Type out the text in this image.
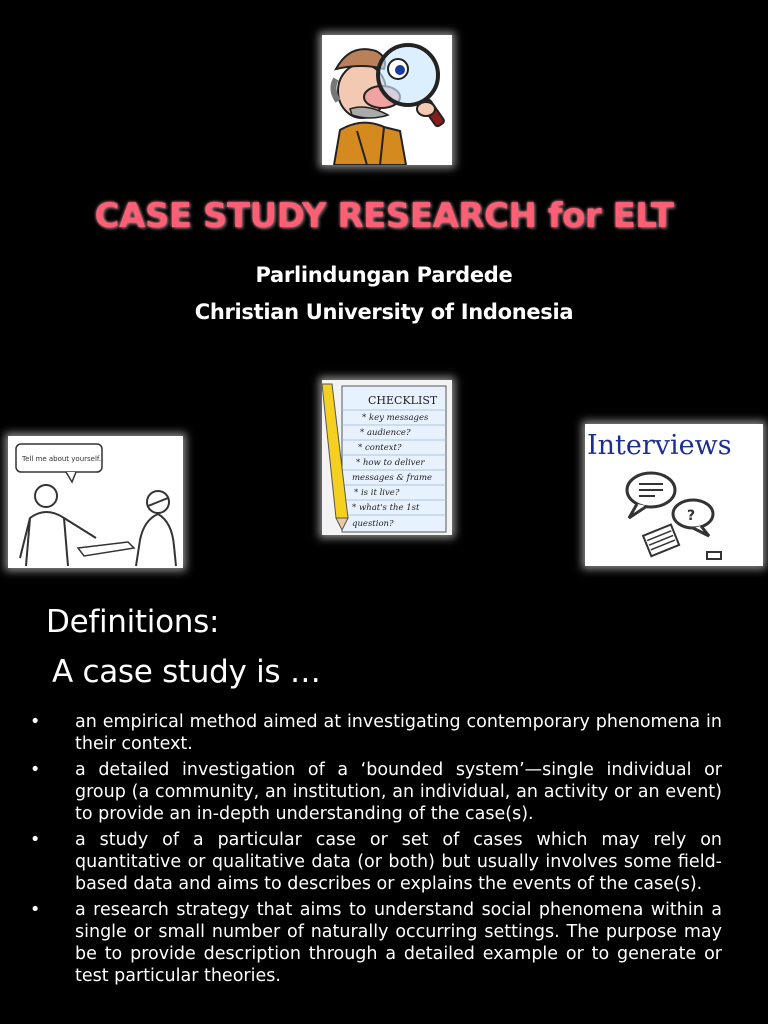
CASE STUDY RESEARCH for ELT
Parlindungan Pardede
Christian University of Indonesia
Tell me about yourself.
CHECKLIST
* key messages
* audience?
* context?
* how to deliver
messages & frame
* is it live?
* what's the 1st
question?
Interviews
?
Definitions:
A case study is …
• an empirical method aimed at investigating contemporary phenomena in their context.
• a detailed investigation of a ‘bounded system’—single individual or group (a community, an institution, an individual, an activity or an event) to provide an in-depth understanding of the case(s).
• a study of a particular case or set of cases which may rely on quantitative or qualitative data (or both) but usually involves some field-based data and aims to describes or explains the events of the case(s).
• a research strategy that aims to understand social phenomena within a single or small number of naturally occurring settings. The purpose may be to provide description through a detailed example or to generate or test particular theories.
